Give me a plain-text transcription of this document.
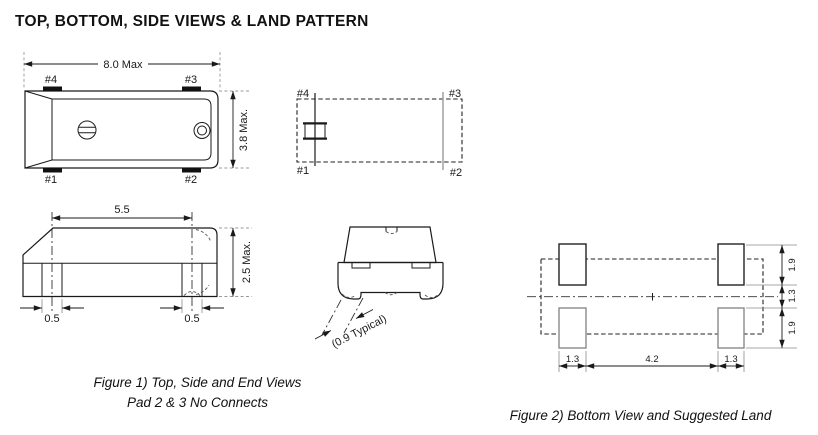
TOP, BOTTOM, SIDE VIEWS & LAND PATTERN
8.0 Max
3.8 Max.
#4	#3
#1	#2
#4	#3
#1	#2
5.5
0.5	0.5
2.5 Max.
(0.9 Typical)
1.3	4.2	1.3
1.9
1.3
1.9
Figure 1) Top, Side and End Views
Pad 2 & 3 No Connects
Figure 2) Bottom View and Suggested Land
